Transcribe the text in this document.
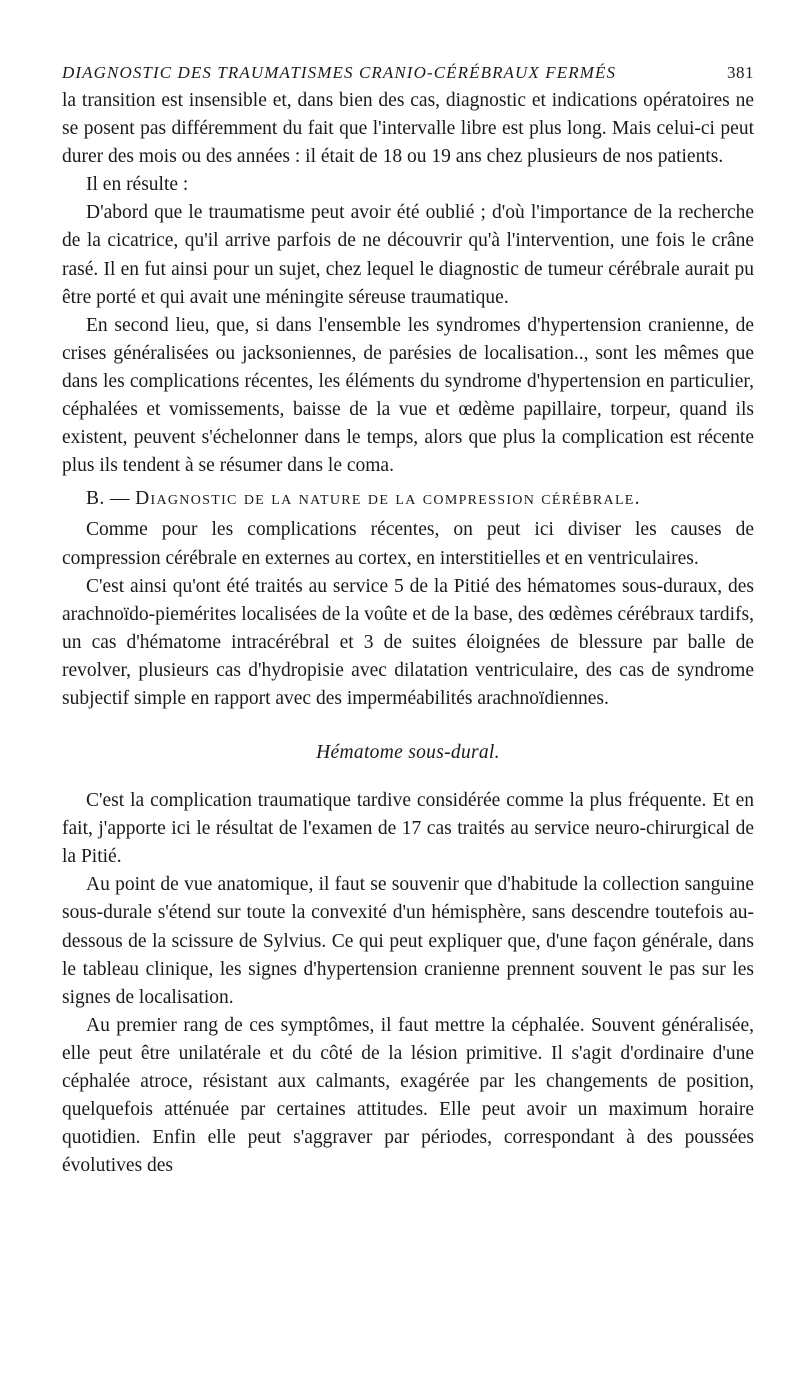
DIAGNOSTIC DES TRAUMATISMES CRANIO-CÉRÉBRAUX FERMÉS	381

la transition est insensible et, dans bien des cas, diagnostic et indications opératoires ne se posent pas différemment du fait que l'intervalle libre est plus long. Mais celui-ci peut durer des mois ou des années : il était de 18 ou 19 ans chez plusieurs de nos patients.

Il en résulte :

D'abord que le traumatisme peut avoir été oublié ; d'où l'importance de la recherche de la cicatrice, qu'il arrive parfois de ne découvrir qu'à l'intervention, une fois le crâne rasé. Il en fut ainsi pour un sujet, chez lequel le diagnostic de tumeur cérébrale aurait pu être porté et qui avait une méningite séreuse traumatique.

En second lieu, que, si dans l'ensemble les syndromes d'hypertension cranienne, de crises généralisées ou jacksoniennes, de parésies de localisation.., sont les mêmes que dans les complications récentes, les éléments du syndrome d'hypertension en particulier, céphalées et vomissements, baisse de la vue et œdème papillaire, torpeur, quand ils existent, peuvent s'échelonner dans le temps, alors que plus la complication est récente plus ils tendent à se résumer dans le coma.

B. — Diagnostic de la nature de la compression cérébrale.

Comme pour les complications récentes, on peut ici diviser les causes de compression cérébrale en externes au cortex, en interstitielles et en ventriculaires.

C'est ainsi qu'ont été traités au service 5 de la Pitié des hématomes sous-duraux, des arachnoïdo-piemérites localisées de la voûte et de la base, des œdèmes cérébraux tardifs, un cas d'hématome intracérébral et 3 de suites éloignées de blessure par balle de revolver, plusieurs cas d'hydropisie avec dilatation ventriculaire, des cas de syndrome subjectif simple en rapport avec des imperméabilités arachnoïdiennes.

Hématome sous-dural.

C'est la complication traumatique tardive considérée comme la plus fréquente. Et en fait, j'apporte ici le résultat de l'examen de 17 cas traités au service neuro-chirurgical de la Pitié.

Au point de vue anatomique, il faut se souvenir que d'habitude la collection sanguine sous-durale s'étend sur toute la convexité d'un hémisphère, sans descendre toutefois au-dessous de la scissure de Sylvius. Ce qui peut expliquer que, d'une façon générale, dans le tableau clinique, les signes d'hypertension cranienne prennent souvent le pas sur les signes de localisation.

Au premier rang de ces symptômes, il faut mettre la céphalée. Souvent généralisée, elle peut être unilatérale et du côté de la lésion primitive. Il s'agit d'ordinaire d'une céphalée atroce, résistant aux calmants, exagérée par les changements de position, quelquefois atténuée par certaines attitudes. Elle peut avoir un maximum horaire quotidien. Enfin elle peut s'aggraver par périodes, correspondant à des poussées évolutives des
